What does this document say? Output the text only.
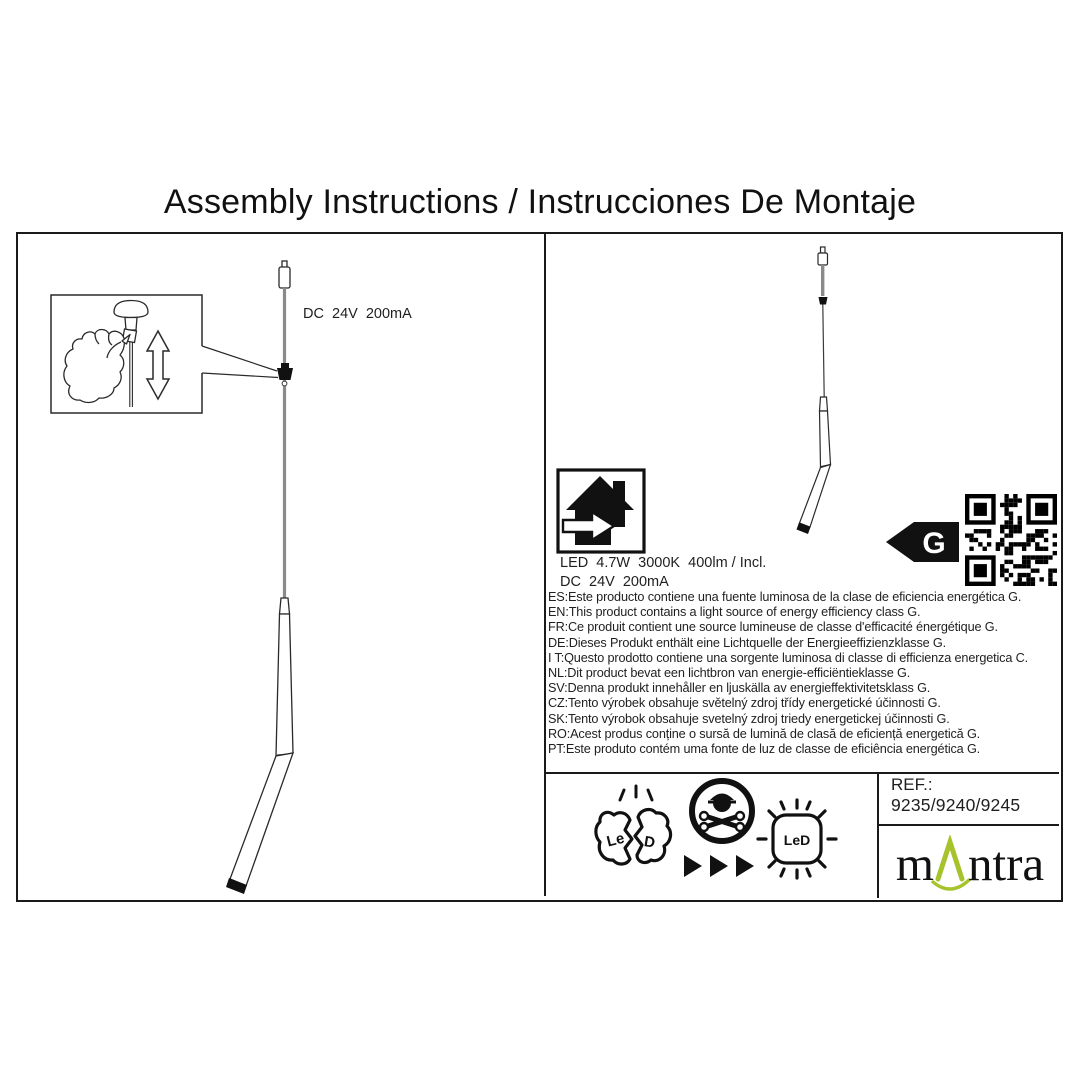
Assembly Instructions / Instrucciones De Montaje
DC  24V  200mA
LED  4.7W  3000K  400lm / Incl.
DC  24V  200mA
G
ES:Este producto contiene una fuente luminosa de la clase de eficiencia energética G.
EN:This product contains a light source of energy efficiency class G.
FR:Ce produit contient une source lumineuse de classe d'efficacité énergétique G.
DE:Dieses Produkt enthält eine Lichtquelle der Energieeffizienzklasse G.
I T:Questo prodotto contiene una sorgente luminosa di classe di efficienza energetica C.
NL:Dit product bevat een lichtbron van energie-efficiëntieklasse G.
SV:Denna produkt innehåller en ljuskälla av energieffektivitetsklass G.
CZ:Tento výrobek obsahuje světelný zdroj třídy energetické účinnosti G.
SK:Tento výrobok obsahuje svetelný zdroj triedy energetickej účinnosti G.
RO:Acest produs conține o sursă de lumină de clasă de eficiență energetică G.
PT:Este produto contém uma fonte de luz de classe de eficiência energética G.
Le D	LeD
REF.:
9235/9240/9245
m ntra
